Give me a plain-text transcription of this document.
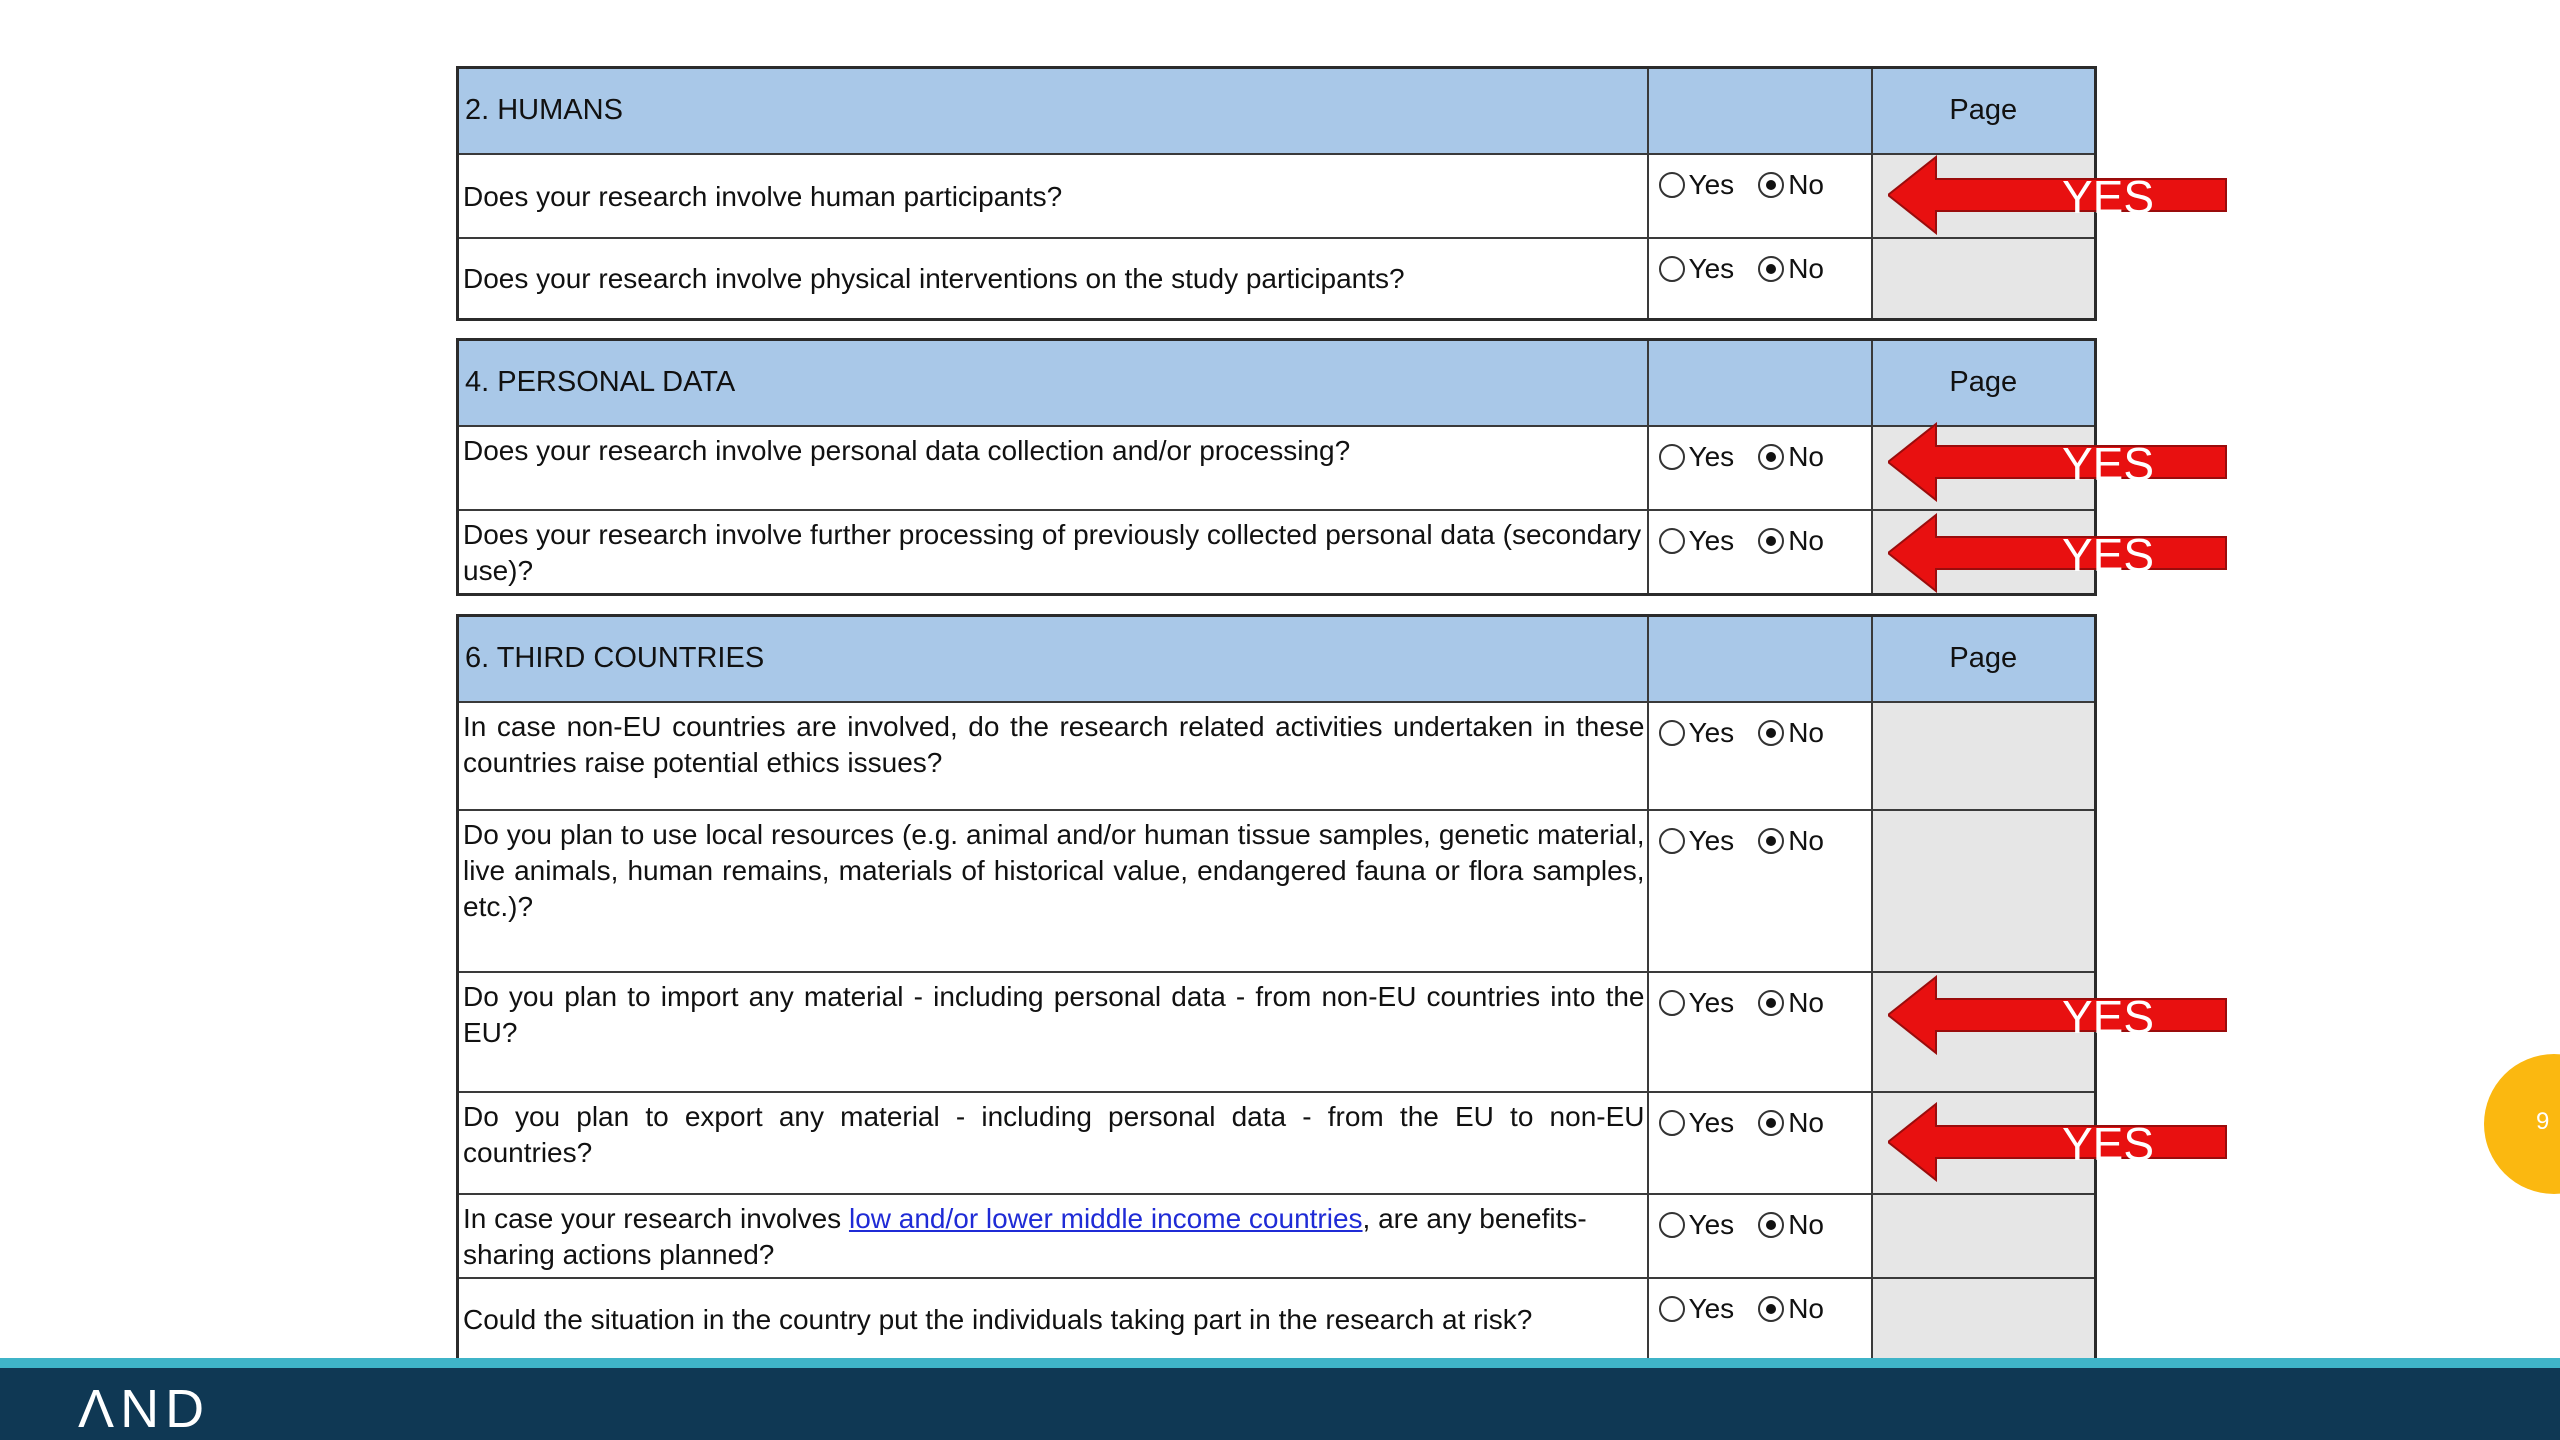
2. HUMANS		Page
Does your research involve human participants?	Yes No	
Does your research involve physical interventions on the study participants?	Yes No	
4. PERSONAL DATA		Page
Does your research involve personal data collection and/or processing?	Yes No	
Does your research involve further processing of previously collected personal data (secondary use)?	Yes No	
6. THIRD COUNTRIES		Page
In case non-EU countries are involved, do the research related activities undertaken in these countries raise potential ethics issues?	Yes No	
Do you plan to use local resources (e.g. animal and/or human tissue samples, genetic material, live animals, human remains, materials of historical value, endangered fauna or flora samples, etc.)?	Yes No	
Do you plan to import any material - including personal data - from non-EU countries into the EU?	Yes No	
Do you plan to export any material - including personal data - from the EU to non-EU countries?	Yes No	
In case your research involves low and/or lower middle income countries, are any benefits-sharing actions planned?	Yes No	
Could the situation in the country put the individuals taking part in the research at risk?	Yes No	
YES
YES
YES
YES
YES	9
ΛND
